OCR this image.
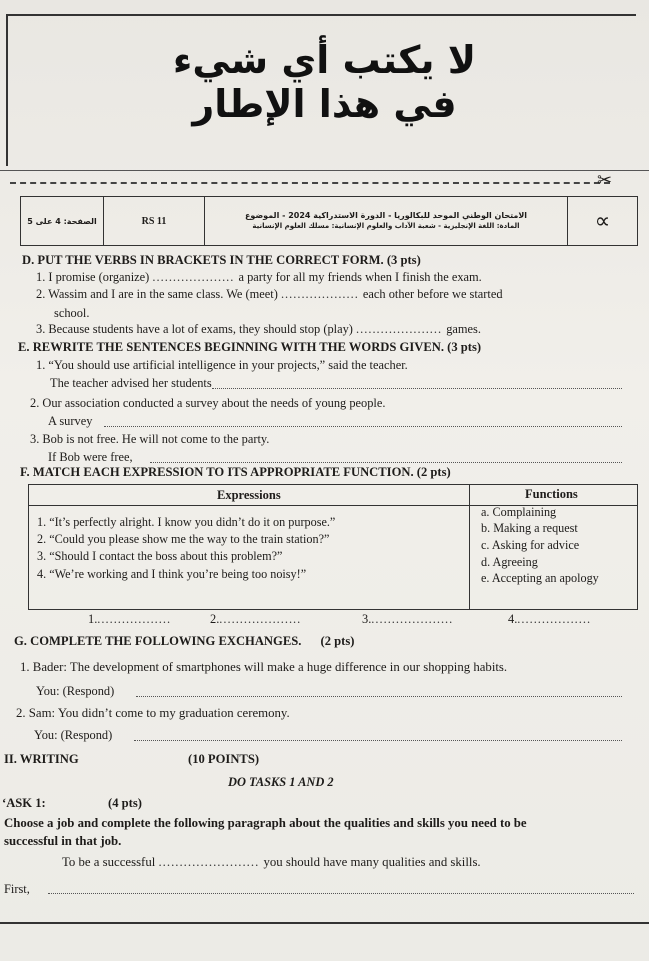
لا يكتب أي شيء
في هذا الإطار
✂
الصفحة: 4 على 5	RS 11	الامتحان الوطني الموحد للبكالوريا - الدورة الاستدراكية 2024 - الموضوع
المادة: اللغة الإنجليزية - شعبة الآداب والعلوم الإنسانية: مسلك العلوم الإنسانية	∝
D. PUT THE VERBS IN BRACKETS IN THE CORRECT FORM. (3 pts)
1. I promise (organize) .................... a party for all my friends when I finish the exam.
2. Wassim and I are in the same class. We (meet) ................... each other before we started
school.
3. Because students have a lot of exams, they should stop (play) ..................... games.
E. REWRITE THE SENTENCES BEGINNING WITH THE WORDS GIVEN. (3 pts)
1. “You should use artificial intelligence in your projects,” said the teacher.
The teacher advised her students
2. Our association conducted a survey about the needs of young people.
A survey
3. Bob is not free. He will not come to the party.
If Bob were free,
F. MATCH EACH EXPRESSION TO ITS APPROPRIATE FUNCTION. (2 pts)
Expressions	Functions
1. “It’s perfectly alright. I know you didn’t do it on purpose.”
2. “Could you please show me the way to the train station?”
3. “Should I contact the boss about this problem?”
4. “We’re working and I think you’re being too noisy!”
a. Complaining
b. Making a request
c. Asking for advice
d. Agreeing
e. Accepting an apology
1...................	2.....................	3.....................	4...................
G. COMPLETE THE FOLLOWING EXCHANGES. (2 pts)
1. Bader: The development of smartphones will make a huge difference in our shopping habits.
You: (Respond)
2. Sam: You didn’t come to my graduation ceremony.
You: (Respond)
II. WRITING	(10 POINTS)
DO TASKS 1 AND 2
ʻASK 1:	(4 pts)
Choose a job and complete the following paragraph about the qualities and skills you need to be
successful in that job.
To be a successful ........................ you should have many qualities and skills.
First,
